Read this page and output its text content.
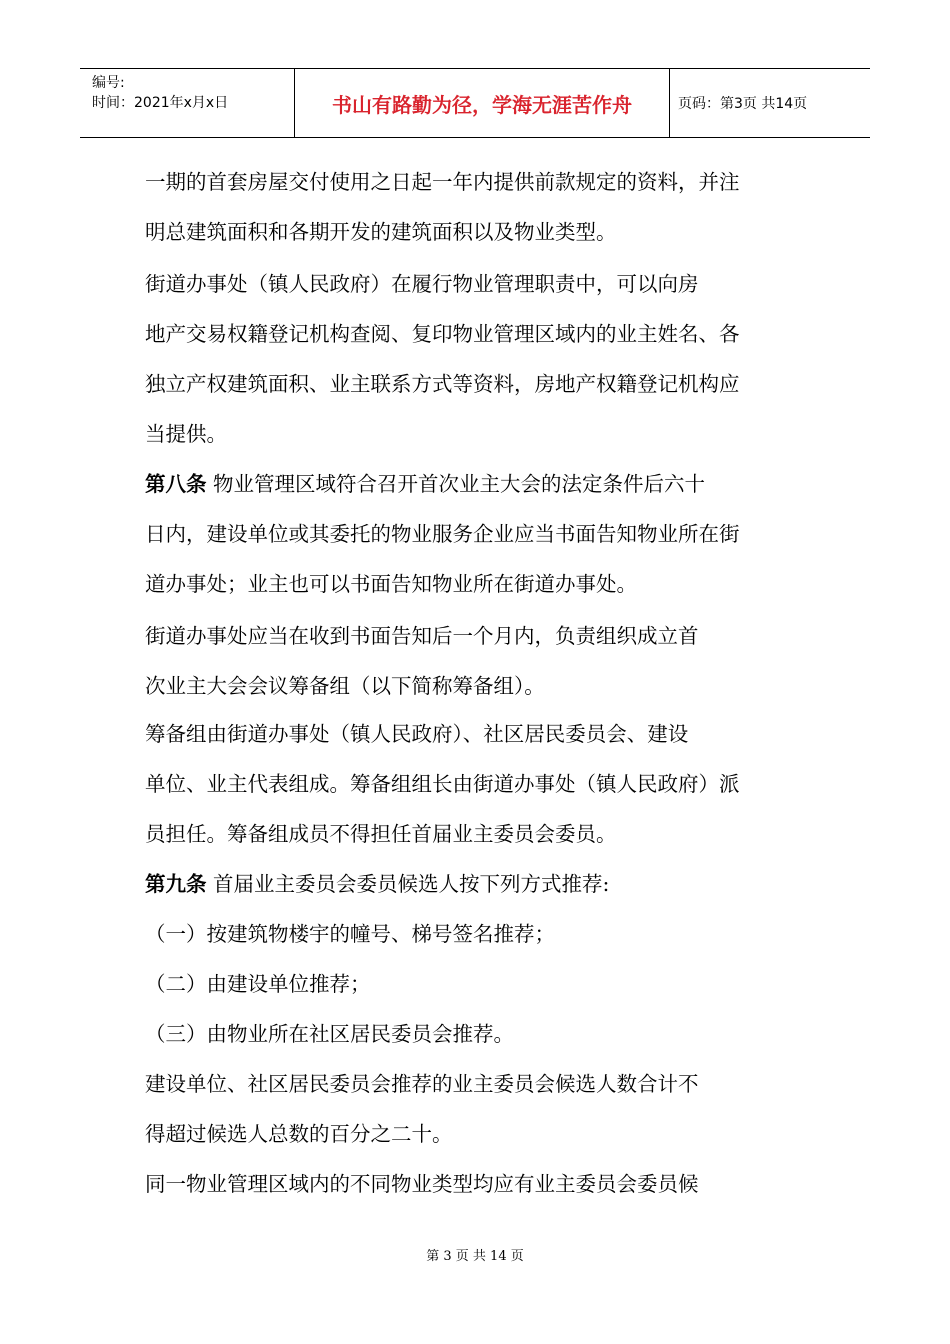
编号:
时间：2021年x月x日	书山有路勤为径，学海无涯苦作舟	页码：第3页 共14页
一期的首套房屋交付使用之日起一年内提供前款规定的资料，并注
明总建筑面积和各期开发的建筑面积以及物业类型。
街道办事处（镇人民政府）在履行物业管理职责中，可以向房
地产交易权籍登记机构查阅、复印物业管理区域内的业主姓名、各
独立产权建筑面积、业主联系方式等资料，房地产权籍登记机构应
当提供。
第八条 物业管理区域符合召开首次业主大会的法定条件后六十
日内，建设单位或其委托的物业服务企业应当书面告知物业所在街
道办事处；业主也可以书面告知物业所在街道办事处。
街道办事处应当在收到书面告知后一个月内，负责组织成立首
次业主大会会议筹备组（以下简称筹备组）。
筹备组由街道办事处（镇人民政府）、社区居民委员会、建设
单位、业主代表组成。筹备组组长由街道办事处（镇人民政府）派
员担任。筹备组成员不得担任首届业主委员会委员。
第九条 首届业主委员会委员候选人按下列方式推荐:
（一）按建筑物楼宇的幢号、梯号签名推荐；
（二）由建设单位推荐；
（三）由物业所在社区居民委员会推荐。
建设单位、社区居民委员会推荐的业主委员会候选人数合计不
得超过候选人总数的百分之二十。
同一物业管理区域内的不同物业类型均应有业主委员会委员候
第 3 页 共 14 页
